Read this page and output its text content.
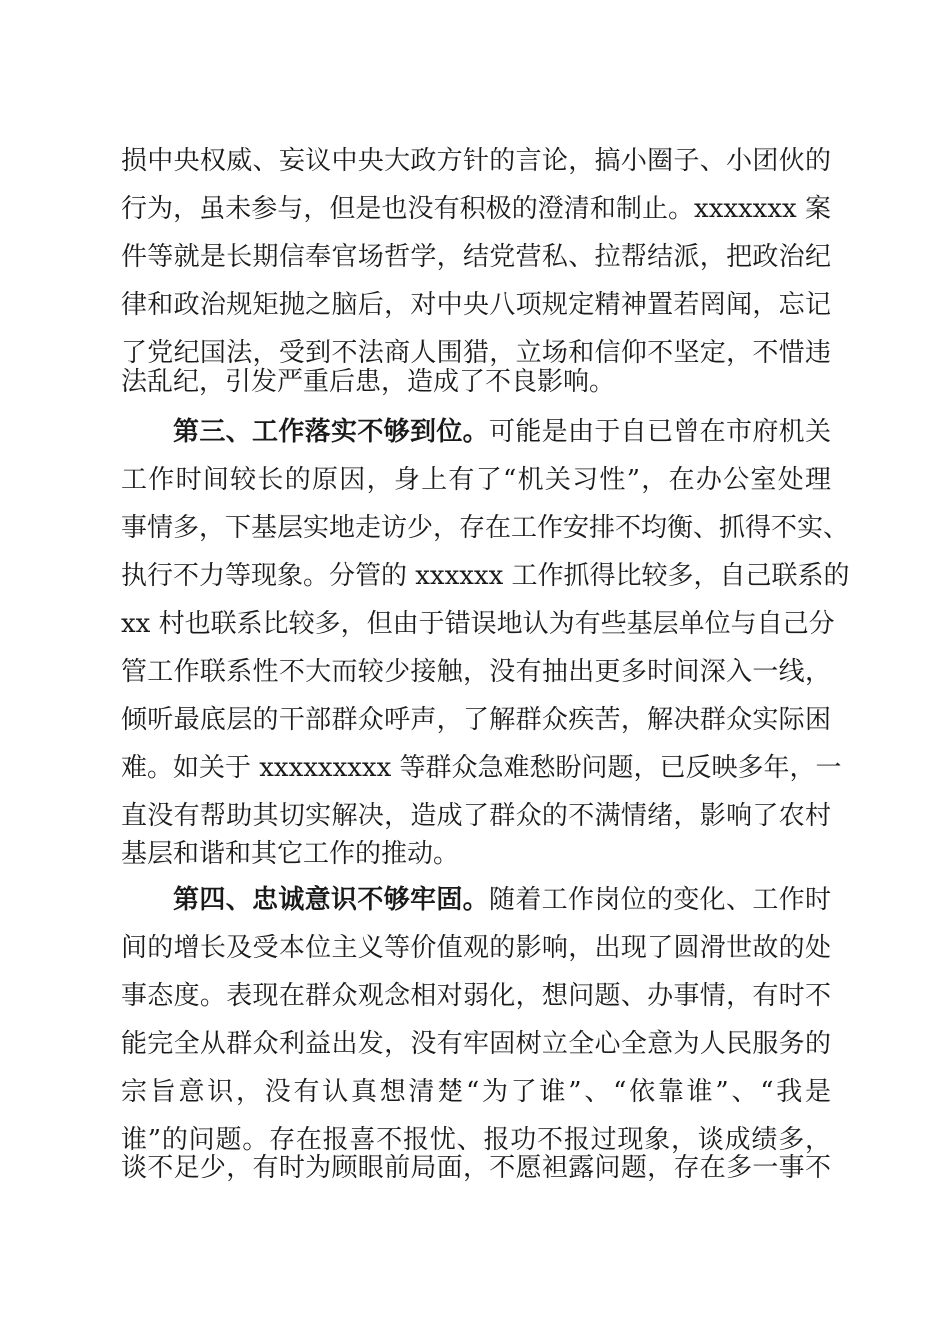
损中央权威、妄议中央大政方针的言论，搞小圈子、小团伙的
行为，虽未参与，但是也没有积极的澄清和制止。xxxxxxx 案
件等就是长期信奉官场哲学，结党营私、拉帮结派，把政治纪
律和政治规矩抛之脑后，对中央八项规定精神置若罔闻，忘记
了党纪国法，受到不法商人围猎，立场和信仰不坚定，不惜违
法乱纪，引发严重后患，造成了不良影响。
第三、工作落实不够到位。可能是由于自已曾在市府机关
工作时间较长的原因，身上有了“机关习性”，在办公室处理
事情多，下基层实地走访少，存在工作安排不均衡、抓得不实、
执行不力等现象。分管的 xxxxxx 工作抓得比较多，自己联系的
xx 村也联系比较多，但由于错误地认为有些基层单位与自己分
管工作联系性不大而较少接触，没有抽出更多时间深入一线，
倾听最底层的干部群众呼声，了解群众疾苦，解决群众实际困
难。如关于 xxxxxxxxx 等群众急难愁盼问题，已反映多年，一
直没有帮助其切实解决，造成了群众的不满情绪，影响了农村
基层和谐和其它工作的推动。
第四、忠诚意识不够牢固。随着工作岗位的变化、工作时
间的增长及受本位主义等价值观的影响，出现了圆滑世故的处
事态度。表现在群众观念相对弱化，想问题、办事情，有时不
能完全从群众利益出发，没有牢固树立全心全意为人民服务的
宗旨意识，没有认真想清楚“为了谁”、“依靠谁”、“我是
谁”的问题。存在报喜不报忧、报功不报过现象，谈成绩多，
谈不足少，有时为顾眼前局面，不愿袒露问题，存在多一事不
